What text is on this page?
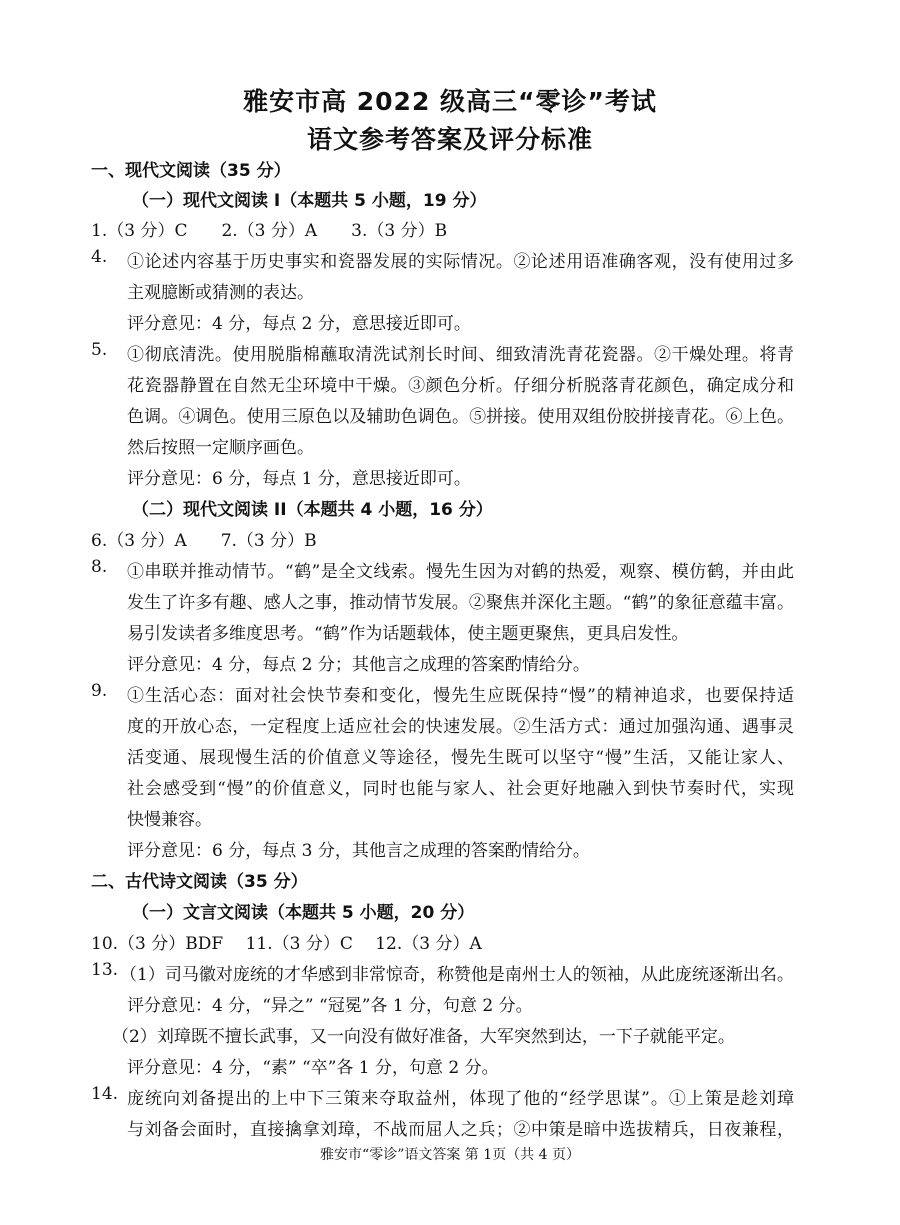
雅安市高 2022 级高三“零诊”考试
语文参考答案及评分标准
一、现代文阅读（35 分）
（一）现代文阅读 I（本题共 5 小题，19 分）
1.（3 分）C　　2.（3 分）A　　3.（3 分）B
4. ①论述内容基于历史事实和瓷器发展的实际情况。②论述用语准确客观，没有使用过多
主观臆断或猜测的表达。
评分意见：4 分，每点 2 分，意思接近即可。
5. ①彻底清洗。使用脱脂棉蘸取清洗试剂长时间、细致清洗青花瓷器。②干燥处理。将青
花瓷器静置在自然无尘环境中干燥。③颜色分析。仔细分析脱落青花颜色，确定成分和
色调。④调色。使用三原色以及辅助色调色。⑤拼接。使用双组份胶拼接青花。⑥上色。
然后按照一定顺序画色。
评分意见：6 分，每点 1 分，意思接近即可。
（二）现代文阅读 II（本题共 4 小题，16 分）
6.（3 分）A　　7.（3 分）B
8. ①串联并推动情节。“鹤”是全文线索。慢先生因为对鹤的热爱，观察、模仿鹤，并由此
发生了许多有趣、感人之事，推动情节发展。②聚焦并深化主题。“鹤”的象征意蕴丰富。
易引发读者多维度思考。“鹤”作为话题载体，使主题更聚焦，更具启发性。
评分意见：4 分，每点 2 分；其他言之成理的答案酌情给分。
9. ①生活心态：面对社会快节奏和变化，慢先生应既保持“慢”的精神追求，也要保持适
度的开放心态，一定程度上适应社会的快速发展。②生活方式：通过加强沟通、遇事灵
活变通、展现慢生活的价值意义等途径，慢先生既可以坚守“慢”生活，又能让家人、
社会感受到“慢”的价值意义，同时也能与家人、社会更好地融入到快节奏时代，实现
快慢兼容。
评分意见：6 分，每点 3 分，其他言之成理的答案酌情给分。
二、古代诗文阅读（35 分）
（一）文言文阅读（本题共 5 小题，20 分）
10.（3 分）BDF　 11.（3 分）C　 12.（3 分）A
13. （1）司马徽对庞统的才华感到非常惊奇，称赞他是南州士人的领袖，从此庞统逐渐出名。
评分意见：4 分，“异之” “冠冕”各 1 分，句意 2 分。
（2）刘璋既不擅长武事，又一向没有做好准备，大军突然到达，一下子就能平定。
评分意见：4 分，“素” “卒”各 1 分，句意 2 分。
14. 庞统向刘备提出的上中下三策来夺取益州，体现了他的“经学思谋”。①上策是趁刘璋
与刘备会面时，直接擒拿刘璋，不战而屈人之兵；②中策是暗中选拔精兵，日夜兼程，
雅安市“零诊”语文答案 第 1页（共 4 页）
